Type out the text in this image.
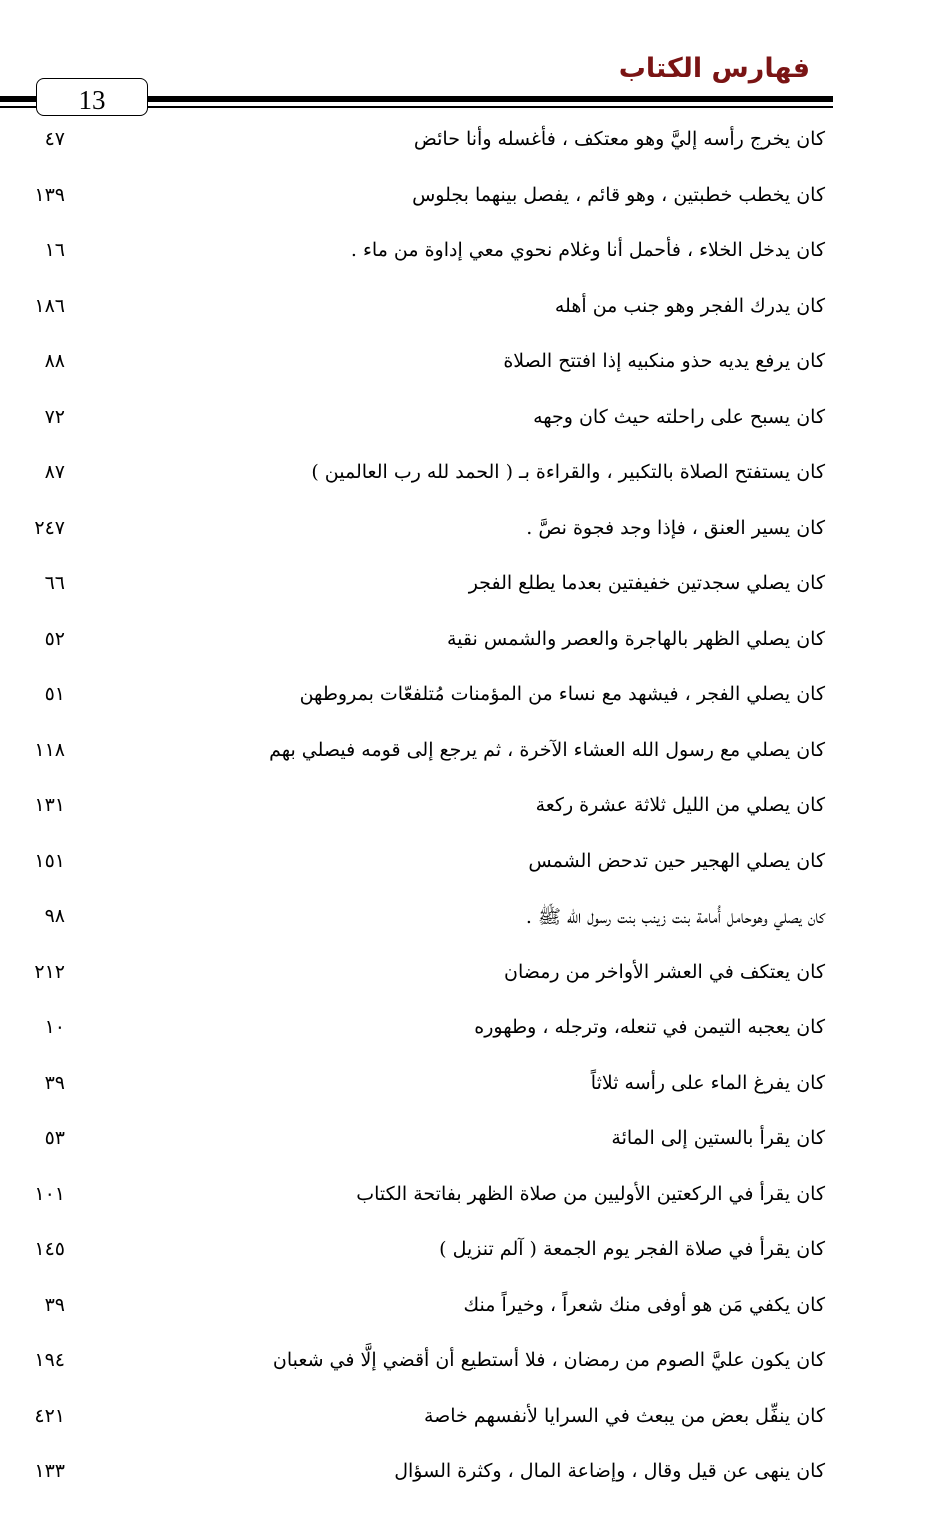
13
فهارس الكتاب
كان يخرج رأسه إليَّ وهو معتكف ، فأغسله وأنا حائض
٤٧
كان يخطب خطبتين ، وهو قائم ، يفصل بينهما بجلوس
١٣٩
كان يدخل الخلاء ، فأحمل أنا وغلام نحوي معي إداوة من ماء .
١٦
كان يدرك الفجر وهو جنب من أهله
١٨٦
كان يرفع يديه حذو منكبيه إذا افتتح الصلاة
٨٨
كان يسبح على راحلته حيث كان وجهه
٧٢
كان يستفتح الصلاة بالتكبير ، والقراءة بـ ( الحمد لله رب العالمين )
٨٧
كان يسير العنق ، فإذا وجد فجوة نصَّ .
٢٤٧
كان يصلي سجدتين خفيفتين بعدما يطلع الفجر
٦٦
كان يصلي الظهر بالهاجرة والعصر والشمس نقية
٥٢
كان يصلي الفجر ، فيشهد مع نساء من المؤمنات مُتلفعّات بمروطهن
٥١
كان يصلي مع رسول الله العشاء الآخرة ، ثم يرجع إلى قومه فيصلي بهم
١١٨
كان يصلي من الليل ثلاثة عشرة ركعة
١٣١
كان يصلي الهجير حين تدحض الشمس
١٥١
كان يصلي وهوحامل أُمامة بنت زينب بنت رسول الله ﷺ .
٩٨
كان يعتكف في العشر الأواخر من رمضان
٢١٢
كان يعجبه التيمن في تنعله، وترجله ، وطهوره
١٠
كان يفرغ الماء على رأسه ثلاثاً
٣٩
كان يقرأ بالستين إلى المائة
٥٣
كان يقرأ في الركعتين الأوليين من صلاة الظهر بفاتحة الكتاب
١٠١
كان يقرأ في صلاة الفجر يوم الجمعة ( آلم تنزيل )
١٤٥
كان يكفي مَن هو أوفى منك شعراً ، وخيراً منك
٣٩
كان يكون عليَّ الصوم من رمضان ، فلا أستطيع أن أقضي إلَّا في شعبان
١٩٤
كان ينفِّل بعض من يبعث في السرايا لأنفسهم خاصة
٤٢١
كان ينهى عن قيل وقال ، وإضاعة المال ، وكثرة السؤال
١٣٣
